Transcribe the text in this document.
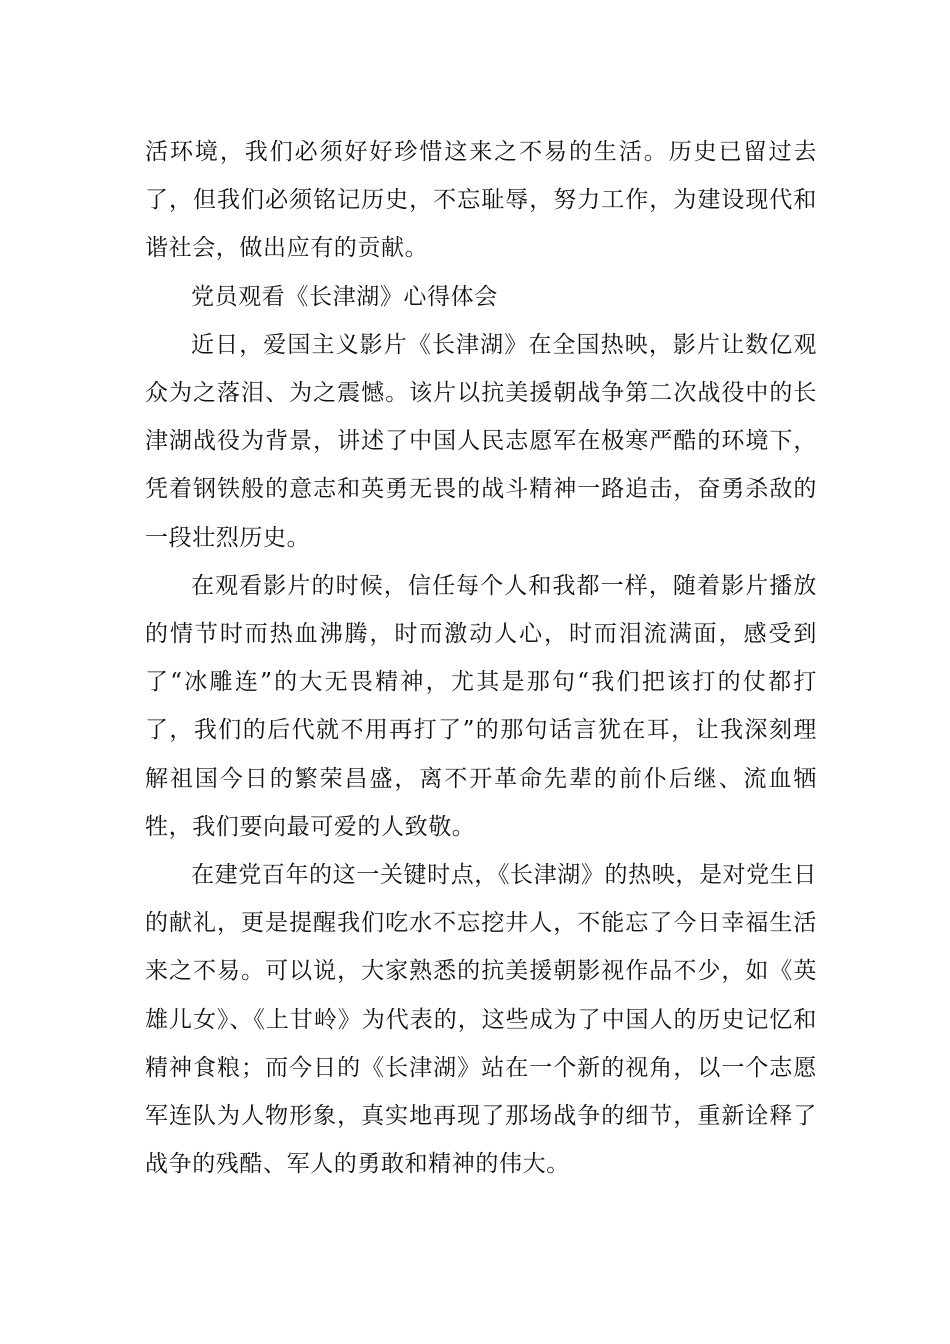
活环境，我们必须好好珍惜这来之不易的生活。历史已留过去了，但我们必须铭记历史，不忘耻辱，努力工作，为建设现代和谐社会，做出应有的贡献。

党员观看《长津湖》心得体会

近日，爱国主义影片《长津湖》在全国热映，影片让数亿观众为之落泪、为之震憾。该片以抗美援朝战争第二次战役中的长津湖战役为背景，讲述了中国人民志愿军在极寒严酷的环境下，凭着钢铁般的意志和英勇无畏的战斗精神一路追击，奋勇杀敌的一段壮烈历史。

在观看影片的时候，信任每个人和我都一样，随着影片播放的情节时而热血沸腾，时而激动人心，时而泪流满面，感受到了“冰雕连”的大无畏精神，尤其是那句“我们把该打的仗都打了，我们的后代就不用再打了”的那句话言犹在耳，让我深刻理解祖国今日的繁荣昌盛，离不开革命先辈的前仆后继、流血牺牲，我们要向最可爱的人致敬。

在建党百年的这一关键时点，《长津湖》的热映，是对党生日的献礼，更是提醒我们吃水不忘挖井人，不能忘了今日幸福生活来之不易。可以说，大家熟悉的抗美援朝影视作品不少，如《英雄儿女》、《上甘岭》为代表的，这些成为了中国人的历史记忆和精神食粮；而今日的《长津湖》站在一个新的视角，以一个志愿军连队为人物形象，真实地再现了那场战争的细节，重新诠释了战争的残酷、军人的勇敢和精神的伟大。
